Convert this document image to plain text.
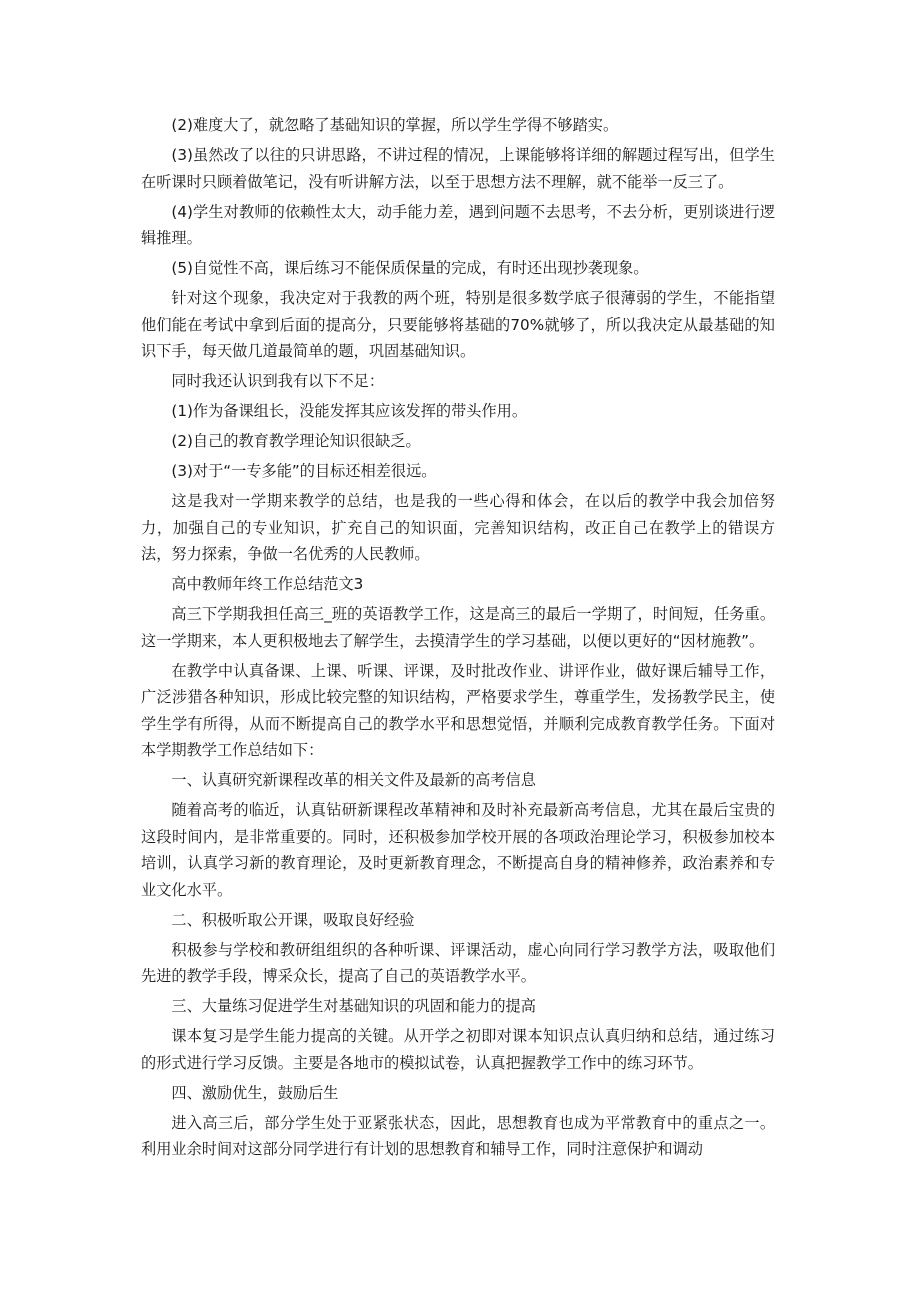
(2)难度大了，就忽略了基础知识的掌握，所以学生学得不够踏实。

(3)虽然改了以往的只讲思路，不讲过程的情况，上课能够将详细的解题过程写出，但学生在听课时只顾着做笔记，没有听讲解方法，以至于思想方法不理解，就不能举一反三了。

(4)学生对教师的依赖性太大，动手能力差，遇到问题不去思考，不去分析，更别谈进行逻辑推理。

(5)自觉性不高，课后练习不能保质保量的完成，有时还出现抄袭现象。

针对这个现象，我决定对于我教的两个班，特别是很多数学底子很薄弱的学生，不能指望他们能在考试中拿到后面的提高分，只要能够将基础的70%就够了，所以我决定从最基础的知识下手，每天做几道最简单的题，巩固基础知识。

同时我还认识到我有以下不足：

(1)作为备课组长，没能发挥其应该发挥的带头作用。

(2)自己的教育教学理论知识很缺乏。

(3)对于“一专多能”的目标还相差很远。

这是我对一学期来教学的总结，也是我的一些心得和体会，在以后的教学中我会加倍努力，加强自己的专业知识，扩充自己的知识面，完善知识结构，改正自己在教学上的错误方法，努力探索，争做一名优秀的人民教师。

高中教师年终工作总结范文3

高三下学期我担任高三_班的英语教学工作，这是高三的最后一学期了，时间短，任务重。这一学期来，本人更积极地去了解学生，去摸清学生的学习基础，以便以更好的“因材施教”。

在教学中认真备课、上课、听课、评课，及时批改作业、讲评作业，做好课后辅导工作，广泛涉猎各种知识，形成比较完整的知识结构，严格要求学生，尊重学生，发扬教学民主，使学生学有所得，从而不断提高自己的教学水平和思想觉悟，并顺利完成教育教学任务。下面对本学期教学工作总结如下：

一、认真研究新课程改革的相关文件及最新的高考信息

随着高考的临近，认真钻研新课程改革精神和及时补充最新高考信息，尤其在最后宝贵的这段时间内，是非常重要的。同时，还积极参加学校开展的各项政治理论学习，积极参加校本培训，认真学习新的教育理论，及时更新教育理念，不断提高自身的精神修养，政治素养和专业文化水平。

二、积极听取公开课，吸取良好经验

积极参与学校和教研组组织的各种听课、评课活动，虚心向同行学习教学方法，吸取他们先进的教学手段，博采众长，提高了自己的英语教学水平。

三、大量练习促进学生对基础知识的巩固和能力的提高

课本复习是学生能力提高的关键。从开学之初即对课本知识点认真归纳和总结，通过练习的形式进行学习反馈。主要是各地市的模拟试卷，认真把握教学工作中的练习环节。

四、激励优生，鼓励后生

进入高三后，部分学生处于亚紧张状态，因此，思想教育也成为平常教育中的重点之一。利用业余时间对这部分同学进行有计划的思想教育和辅导工作，同时注意保护和调动
